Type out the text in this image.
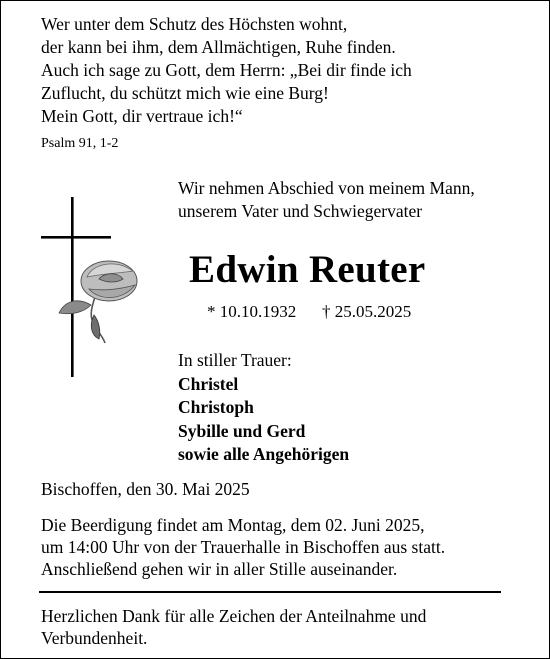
Wer unter dem Schutz des Höchsten wohnt,
der kann bei ihm, dem Allmächtigen, Ruhe finden.
Auch ich sage zu Gott, dem Herrn: „Bei dir finde ich
Zuflucht, du schützt mich wie eine Burg!
Mein Gott, dir vertraue ich!“
Psalm 91, 1-2
Wir nehmen Abschied von meinem Mann,
unserem Vater und Schwiegervater
Edwin Reuter
* 10.10.1932 † 25.05.2025
In stiller Trauer:
Christel
Christoph
Sybille und Gerd
sowie alle Angehörigen
Bischoffen, den 30. Mai 2025
Die Beerdigung findet am Montag, dem 02. Juni 2025,
um 14:00 Uhr von der Trauerhalle in Bischoffen aus statt.
Anschließend gehen wir in aller Stille auseinander.
Herzlichen Dank für alle Zeichen der Anteilnahme und
Verbundenheit.
